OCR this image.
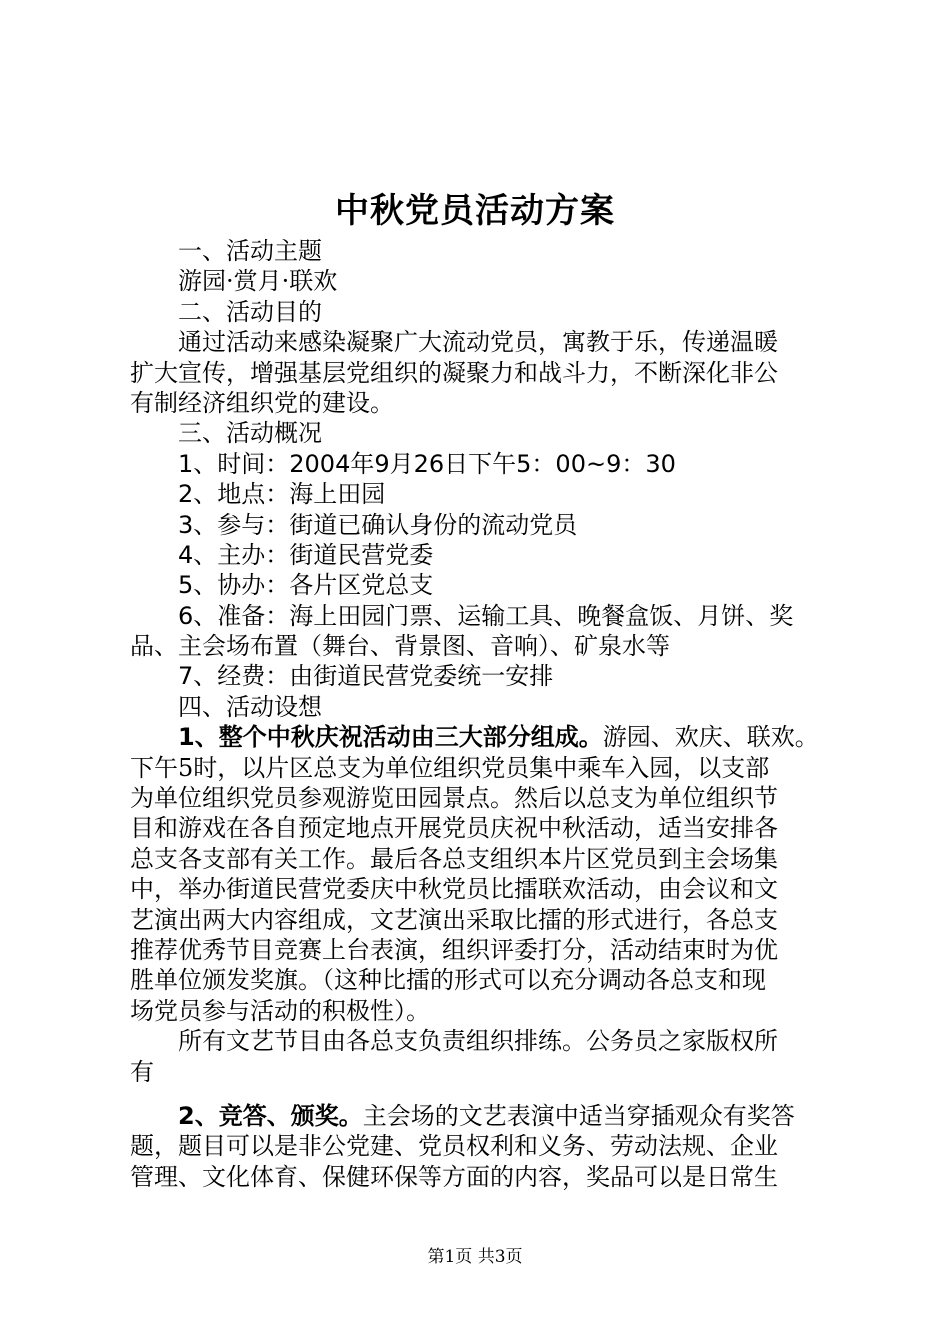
中秋党员活动方案
一、活动主题
游园·赏月·联欢
二、活动目的
通过活动来感染凝聚广大流动党员，寓教于乐，传递温暖
扩大宣传，增强基层党组织的凝聚力和战斗力，不断深化非公
有制经济组织党的建设。
三、活动概况
1、时间：2004年9月26日下午5：00~9：30
2、地点：海上田园
3、参与：街道已确认身份的流动党员
4、主办：街道民营党委
5、协办：各片区党总支
6、准备：海上田园门票、运输工具、晚餐盒饭、月饼、奖
品、主会场布置（舞台、背景图、音响）、矿泉水等
7、经费：由街道民营党委统一安排
四、活动设想
1、整个中秋庆祝活动由三大部分组成。游园、欢庆、联欢。
下午5时，以片区总支为单位组织党员集中乘车入园，以支部
为单位组织党员参观游览田园景点。然后以总支为单位组织节
目和游戏在各自预定地点开展党员庆祝中秋活动，适当安排各
总支各支部有关工作。最后各总支组织本片区党员到主会场集
中，举办街道民营党委庆中秋党员比擂联欢活动，由会议和文
艺演出两大内容组成，文艺演出采取比擂的形式进行，各总支
推荐优秀节目竞赛上台表演，组织评委打分，活动结束时为优
胜单位颁发奖旗。（这种比擂的形式可以充分调动各总支和现
场党员参与活动的积极性）。
所有文艺节目由各总支负责组织排练。公务员之家版权所
有
2、竞答、颁奖。主会场的文艺表演中适当穿插观众有奖答
题，题目可以是非公党建、党员权利和义务、劳动法规、企业
管理、文化体育、保健环保等方面的内容，奖品可以是日常生
第1页 共3页
